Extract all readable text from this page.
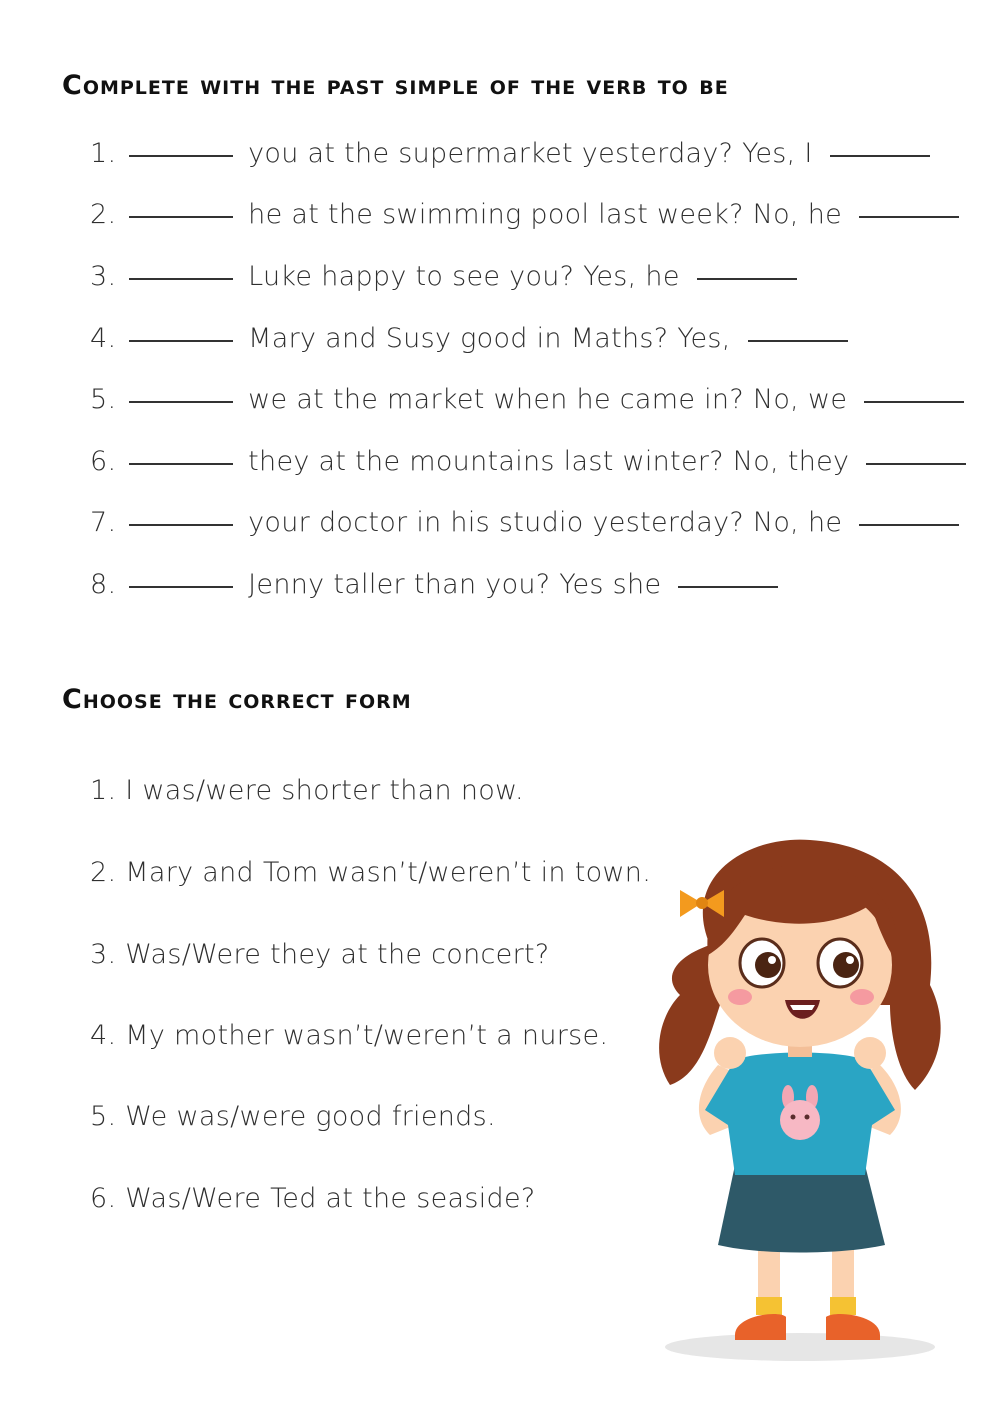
Complete with the past simple of the verb to be
1.	you at the supermarket yesterday? Yes, I
2.	he at the swimming pool last week? No, he
3.	Luke happy to see you? Yes, he
4.	Mary and Susy good in Maths? Yes,
5.	we at the market when he came in? No, we
6.	they at the mountains last winter? No, they
7.	your doctor in his studio yesterday? No, he
8.	Jenny taller than you? Yes she
Choose the correct form
1. I was/were shorter than now.
2. Mary and Tom wasn’t/weren’t in town.
3. Was/Were they at the concert?
4. My mother wasn’t/weren’t a nurse.
5. We was/were good friends.
6. Was/Were Ted at the seaside?
